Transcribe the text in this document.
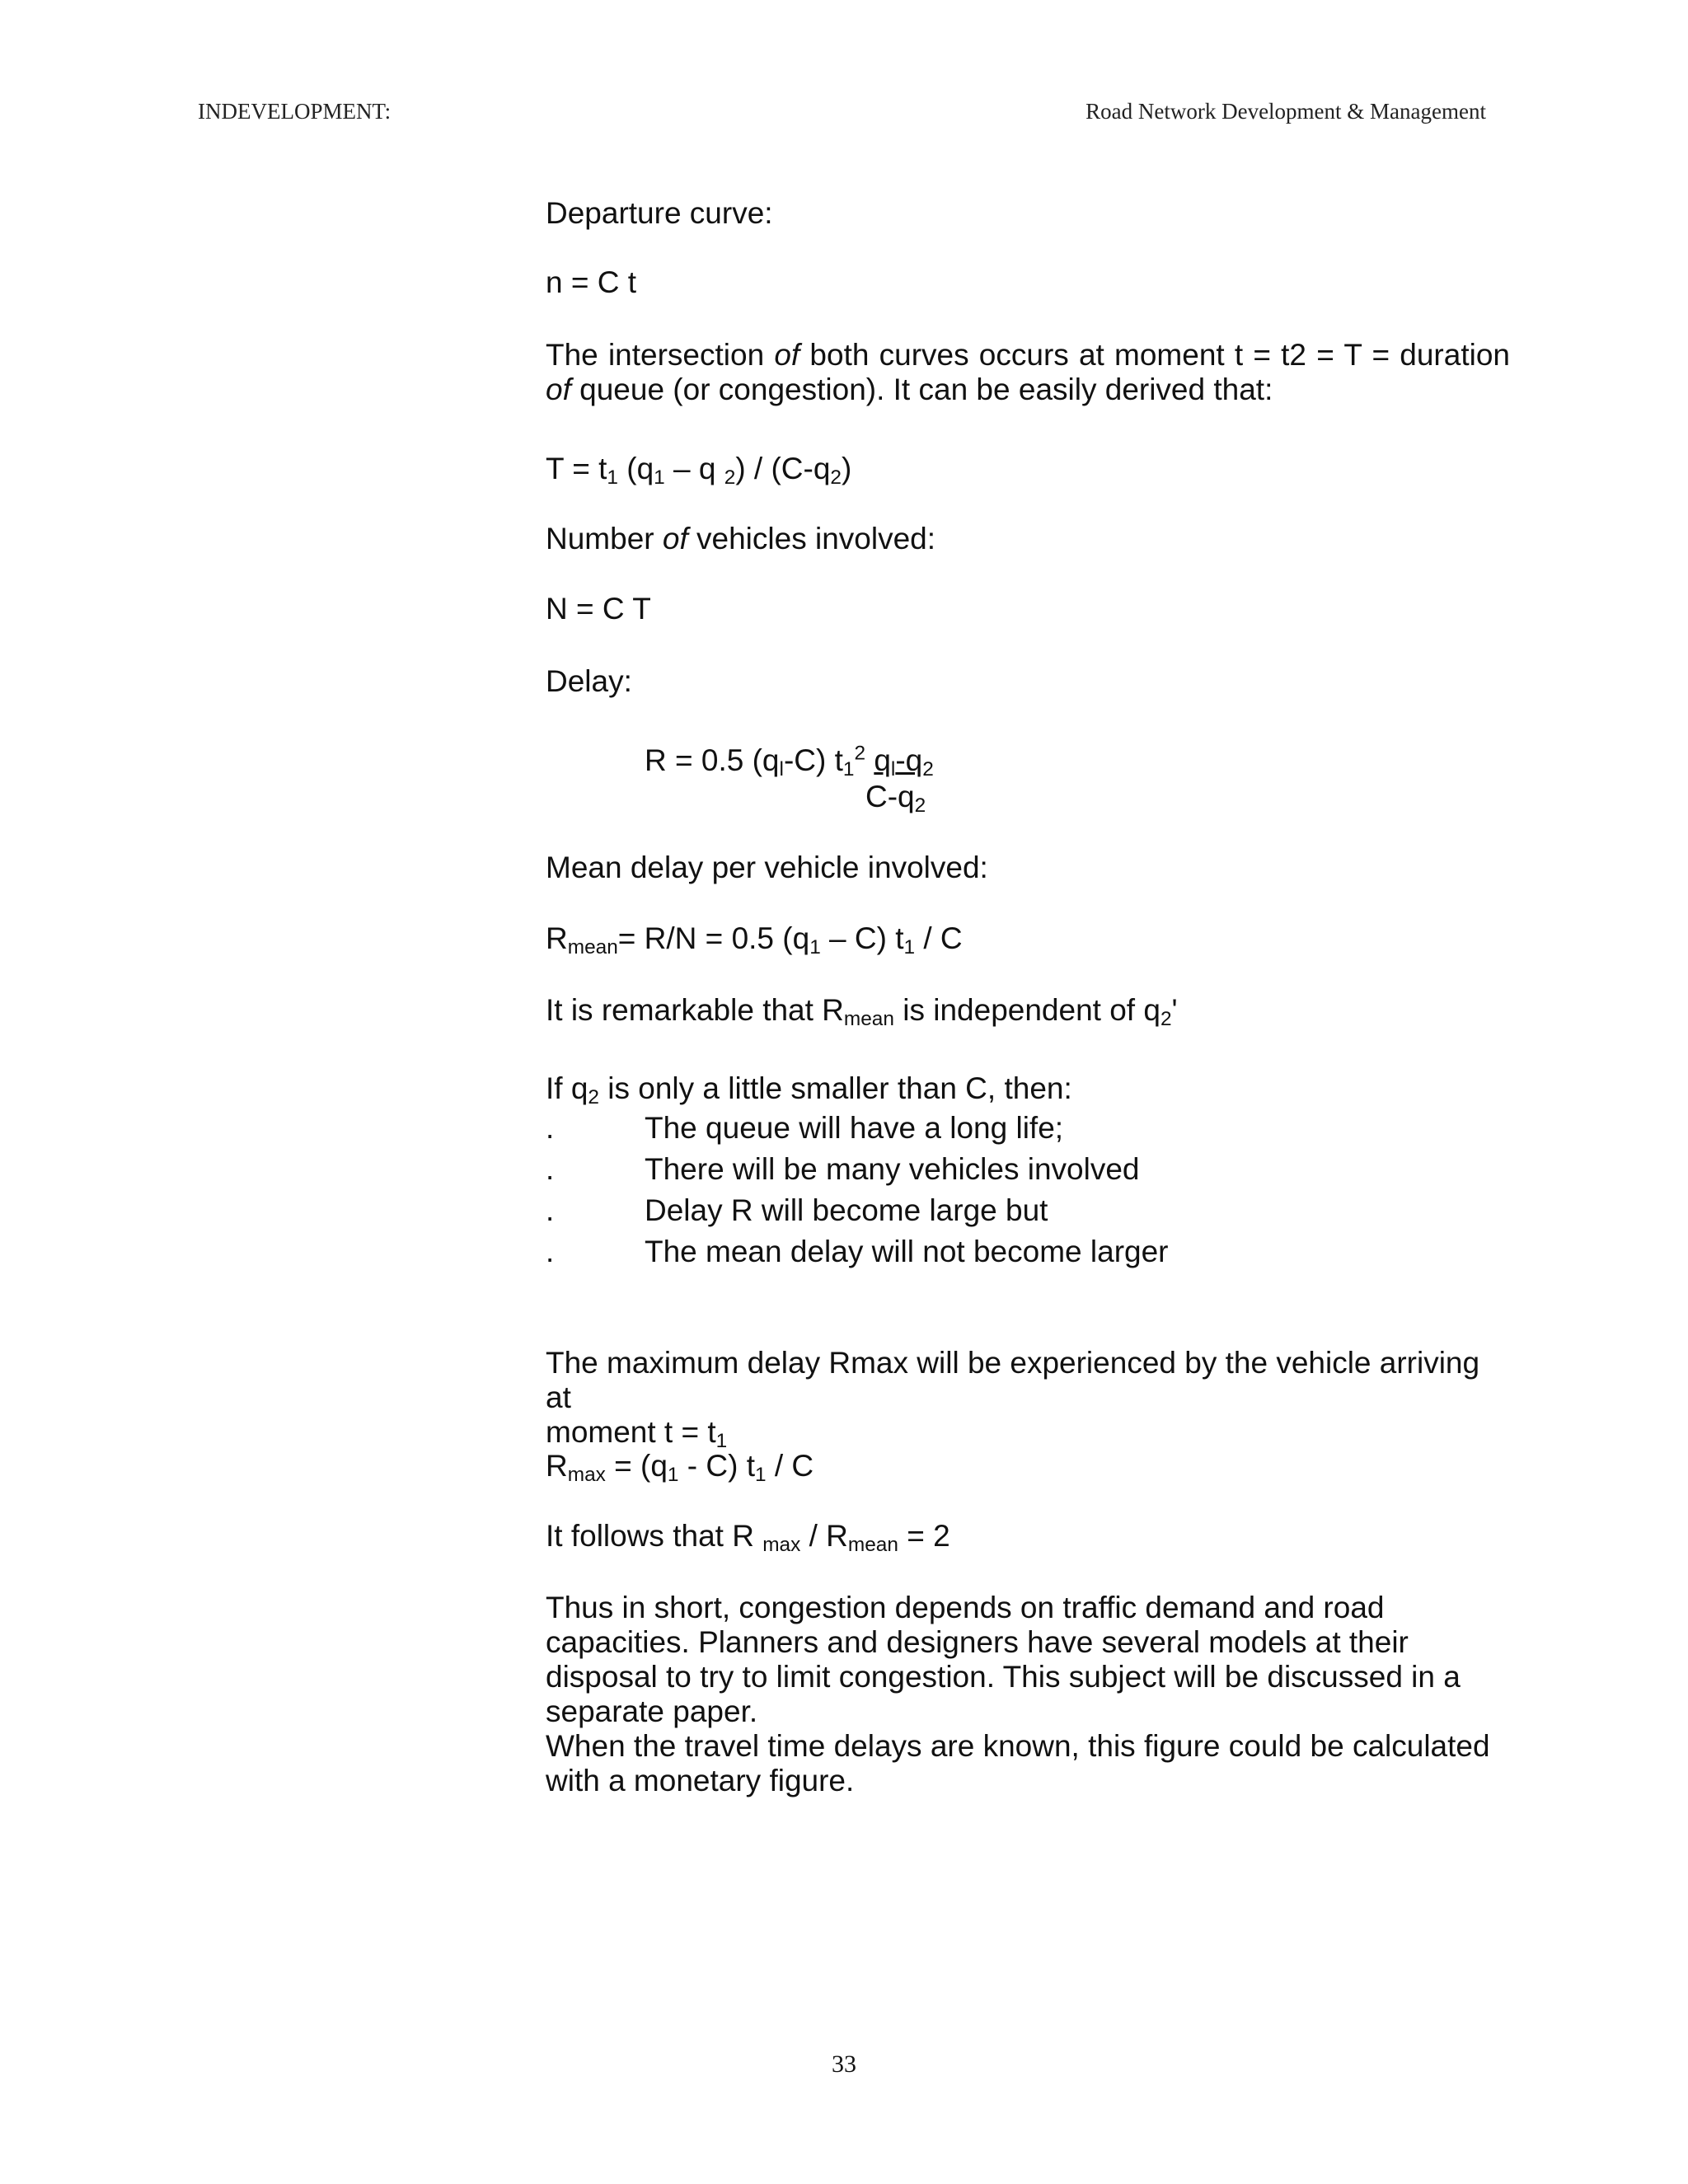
INDEVELOPMENT:	Road Network Development & Management
Departure curve:
n = C t
The intersection of both curves occurs at moment t = t2 = T = duration of queue (or congestion). It can be easily derived that:
$T = t_1$ ($q_1$ – q $_2) / (C-q_2)$
Number of vehicles involved:
N = C T
Delay:
R = 0.5 $(q_l-C)$ $t_1^2$ $q_l-q_2$
$C-q_2$
Mean delay per vehicle involved:
$R_{mean}= R/N = 0.5$ $(q_1 - C)$ $t_1$ / C
It is remarkable that $R_{mean}$ is independent of $q_2'$
If $q_2$ is only a little smaller than C, then:
.	The queue will have a long life;
.	There will be many vehicles involved
.	Delay R will become large but
.	The mean delay will not become larger

The maximum delay Rmax will be experienced by the vehicle arriving at

moment $t = t_1$

$R_{max} = (q_1 - C)$ $t_1$ / C
It follows that R $_{max} / R_{mean} = 2$

Thus in short, congestion depends on traffic demand and road

capacities. Planners and designers have several models at their

disposal to try to limit congestion. This subject will be discussed in a

separate paper.

When the travel time delays are known, this figure could be calculated

with a monetary figure.

33
